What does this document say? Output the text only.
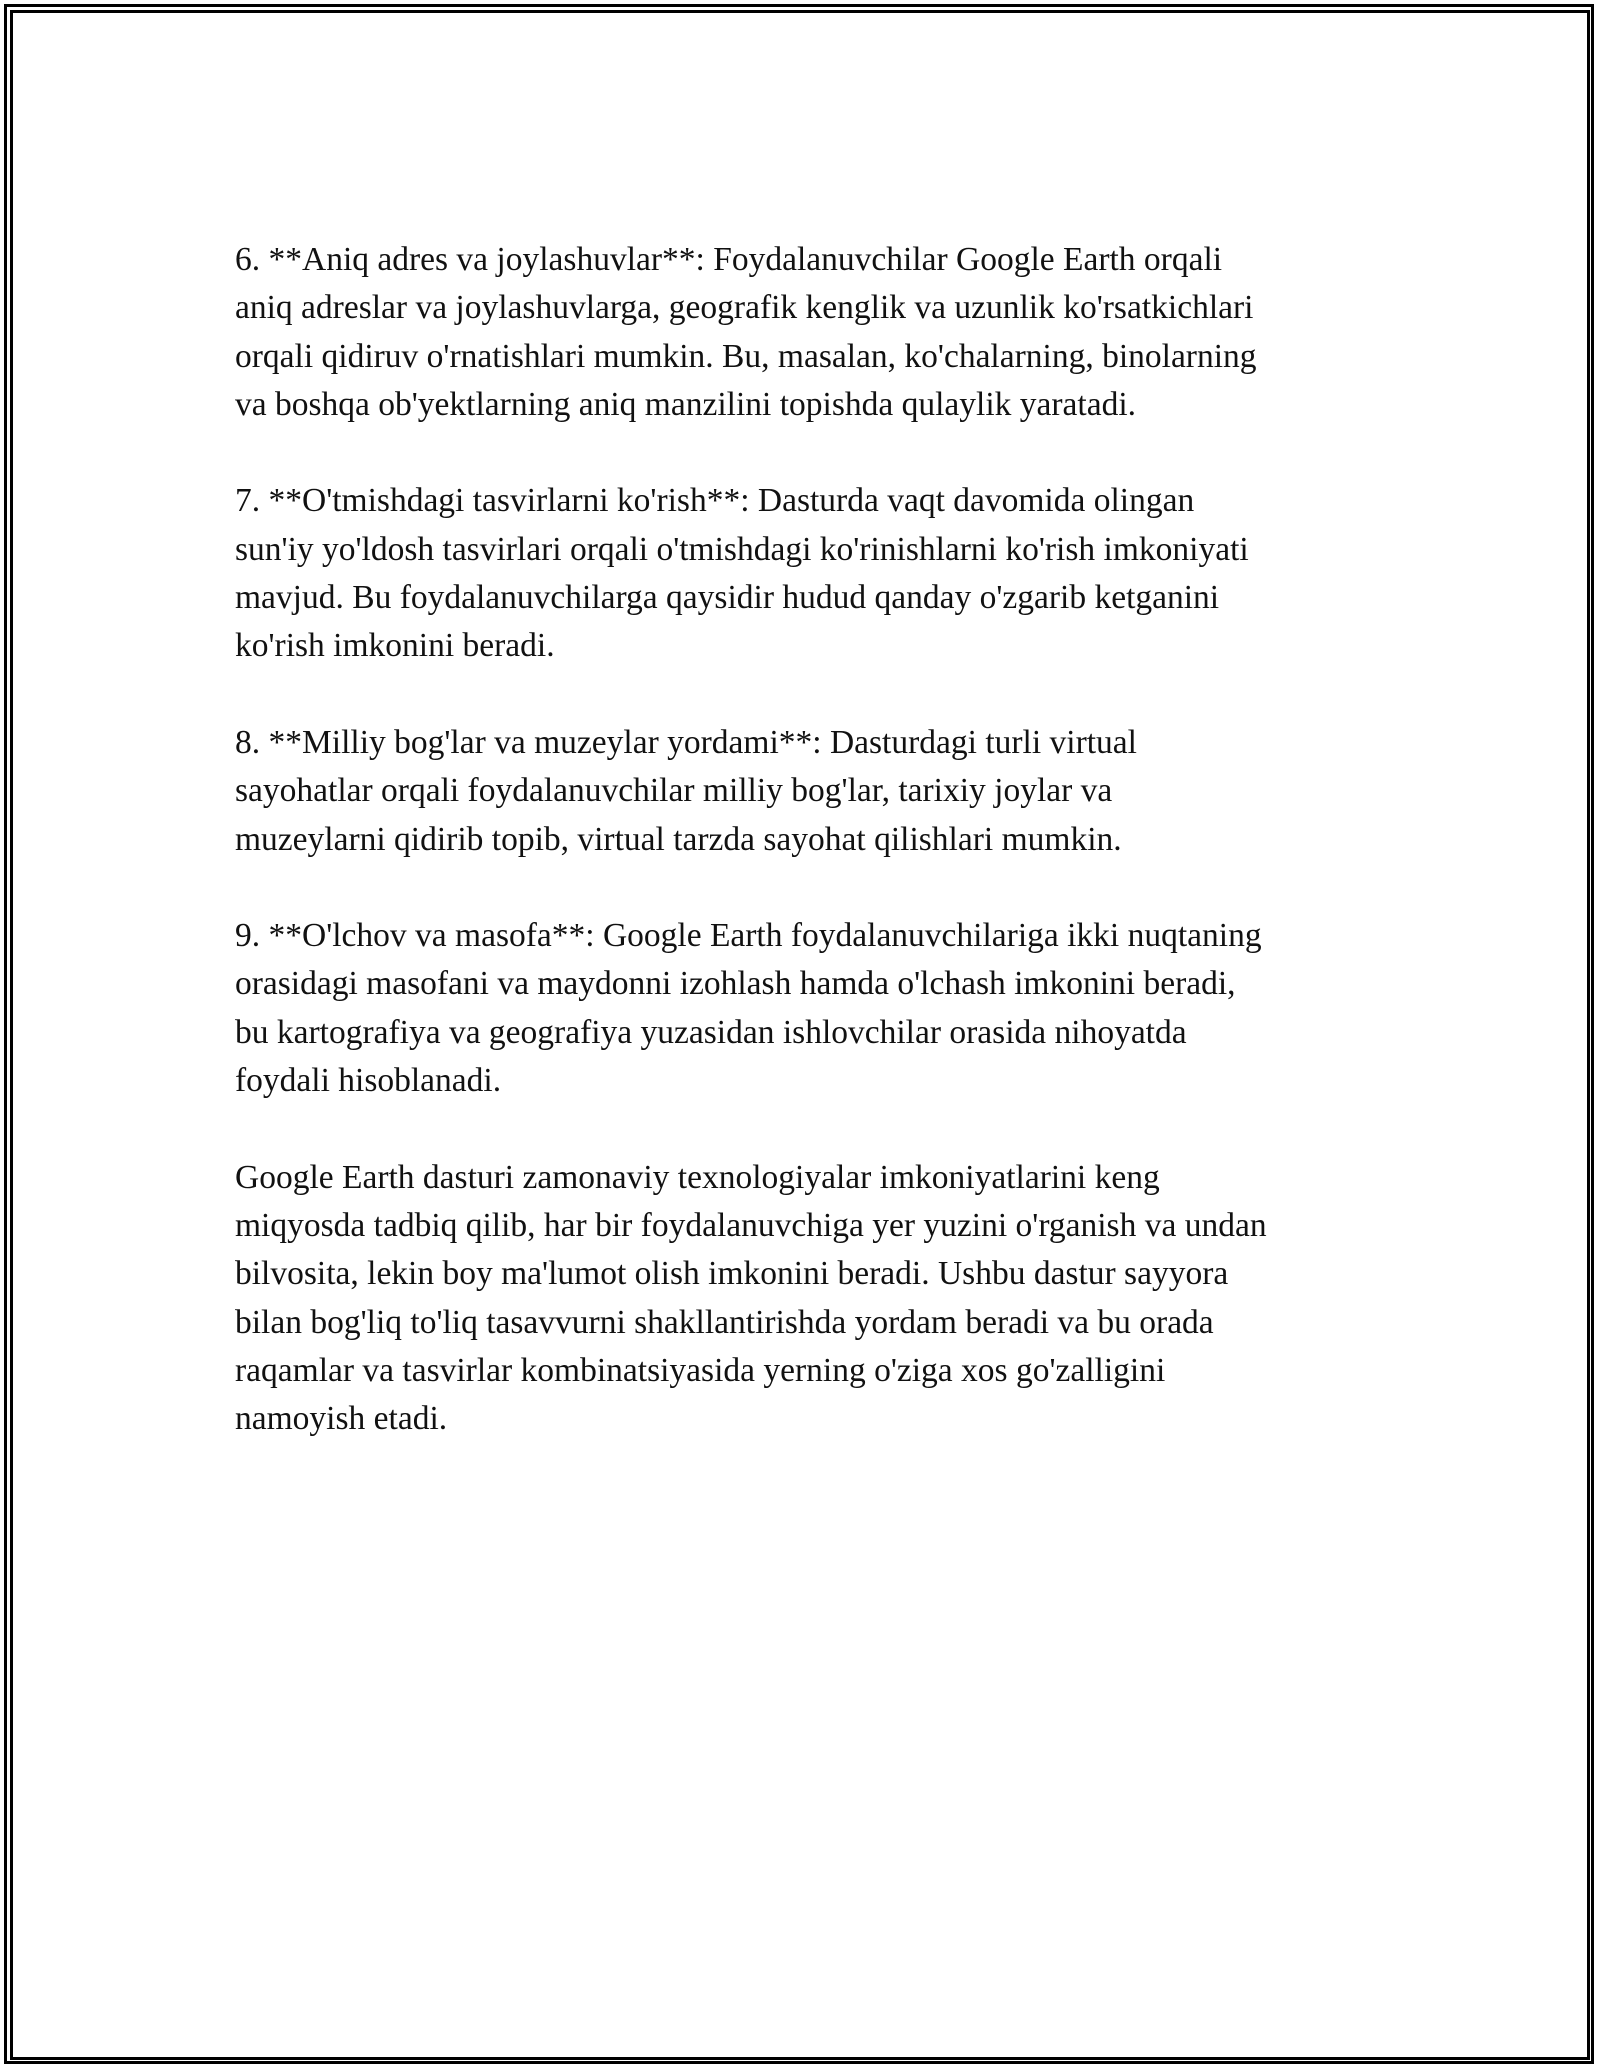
6. **Aniq adres va joylashuvlar**: Foydalanuvchilar Google Earth orqali
aniq adreslar va joylashuvlarga, geografik kenglik va uzunlik ko'rsatkichlari
orqali qidiruv o'rnatishlari mumkin. Bu, masalan, ko'chalarning, binolarning
va boshqa ob'yektlarning aniq manzilini topishda qulaylik yaratadi.

7. **O'tmishdagi tasvirlarni ko'rish**: Dasturda vaqt davomida olingan
sun'iy yo'ldosh tasvirlari orqali o'tmishdagi ko'rinishlarni ko'rish imkoniyati
mavjud. Bu foydalanuvchilarga qaysidir hudud qanday o'zgarib ketganini
ko'rish imkonini beradi.

8. **Milliy bog'lar va muzeylar yordami**: Dasturdagi turli virtual
sayohatlar orqali foydalanuvchilar milliy bog'lar, tarixiy joylar va
muzeylarni qidirib topib, virtual tarzda sayohat qilishlari mumkin.

9. **O'lchov va masofa**: Google Earth foydalanuvchilariga ikki nuqtaning
orasidagi masofani va maydonni izohlash hamda o'lchash imkonini beradi,
bu kartografiya va geografiya yuzasidan ishlovchilar orasida nihoyatda
foydali hisoblanadi.

Google Earth dasturi zamonaviy texnologiyalar imkoniyatlarini keng
miqyosda tadbiq qilib, har bir foydalanuvchiga yer yuzini o'rganish va undan
bilvosita, lekin boy ma'lumot olish imkonini beradi. Ushbu dastur sayyora
bilan bog'liq to'liq tasavvurni shakllantirishda yordam beradi va bu orada
raqamlar va tasvirlar kombinatsiyasida yerning o'ziga xos go'zalligini
namoyish etadi.
